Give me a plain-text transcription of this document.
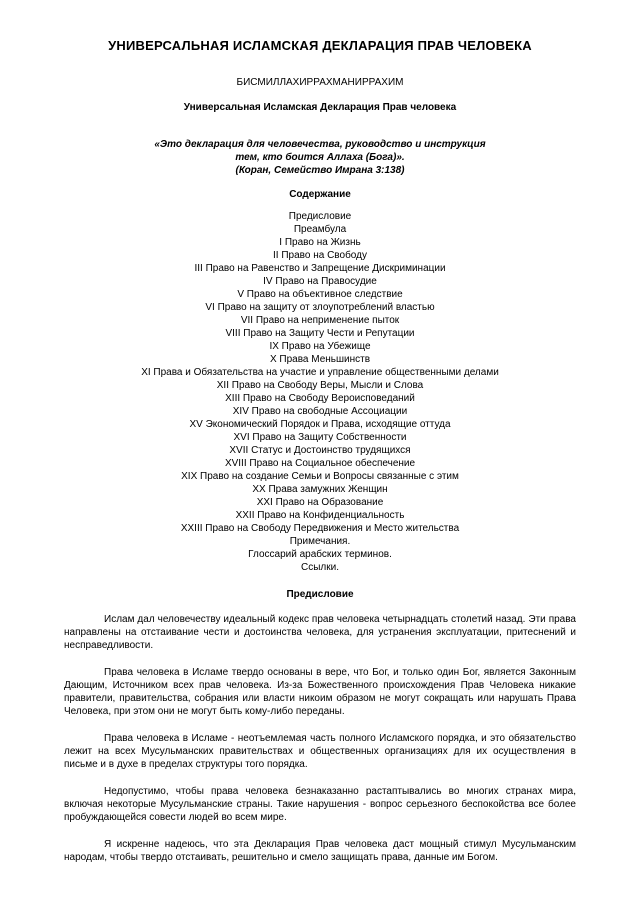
УНИВЕРСАЛЬНАЯ ИСЛАМСКАЯ ДЕКЛАРАЦИЯ ПРАВ ЧЕЛОВЕКА

БИСМИЛЛАХИРРАХМАНИРРАХИМ

Универсальная Исламская Декларация Прав человека

«Это декларация для человечества, руководство и инструкция
тем, кто боится Аллаха (Бога)».
(Коран, Семейство Имрана 3:138)

Содержание

Предисловие
Преамбула
I Право на Жизнь
II Право на Свободу
III Право на Равенство и Запрещение Дискриминации
IV Право на Правосудие
V Право на объективное следствие
VI Право на защиту от злоупотреблений властью
VII Право на неприменение пыток
VIII Право на Защиту Чести и Репутации
IX Право на Убежище
X Права Меньшинств
XI Права и Обязательства на участие и управление общественными делами
XII Право на Свободу Веры, Мысли и Слова
XIII Право на Свободу Вероисповеданий
XIV Право на свободные Ассоциации
XV Экономический Порядок и Права, исходящие оттуда
XVI Право на Защиту Собственности
XVII Статус и Достоинство трудящихся
XVIII Право на Социальное обеспечение
XIX Право на создание Семьи и Вопросы связанные с этим
XX Права замужних Женщин
XXI Право на Образование
XXII Право на Конфиденциальность
XXIII Право на Свободу Передвижения и Место жительства
Примечания.
Глоссарий арабских терминов.
Ссылки.

Предисловие

Ислам дал человечеству идеальный кодекс прав человека четырнадцать столетий назад. Эти права направлены на отстаивание чести и достоинства человека, для устранения эксплуатации, притеснений и несправедливости.

Права человека в Исламе твердо основаны в вере, что Бог, и только один Бог, является Законным Дающим, Источником всех прав человека. Из-за Божественного происхождения Прав Человека никакие правители, правительства, собрания или власти никоим образом не могут сокращать или нарушать Права Человека, при этом они не могут быть кому-либо переданы.

Права человека в Исламе - неотъемлемая часть полного Исламского порядка, и это обязательство лежит на всех Мусульманских правительствах и общественных организациях для их осуществления в письме и в духе в пределах структуры того порядка.

Недопустимо, чтобы права человека безнаказанно растаптывались во многих странах мира, включая некоторые Мусульманские страны. Такие нарушения - вопрос серьезного беспокойства все более пробуждающейся совести людей во всем мире.

Я искренне надеюсь, что эта Декларация Прав человека даст мощный стимул Мусульманским народам, чтобы твердо отстаивать, решительно и смело защищать права, данные им Богом.
